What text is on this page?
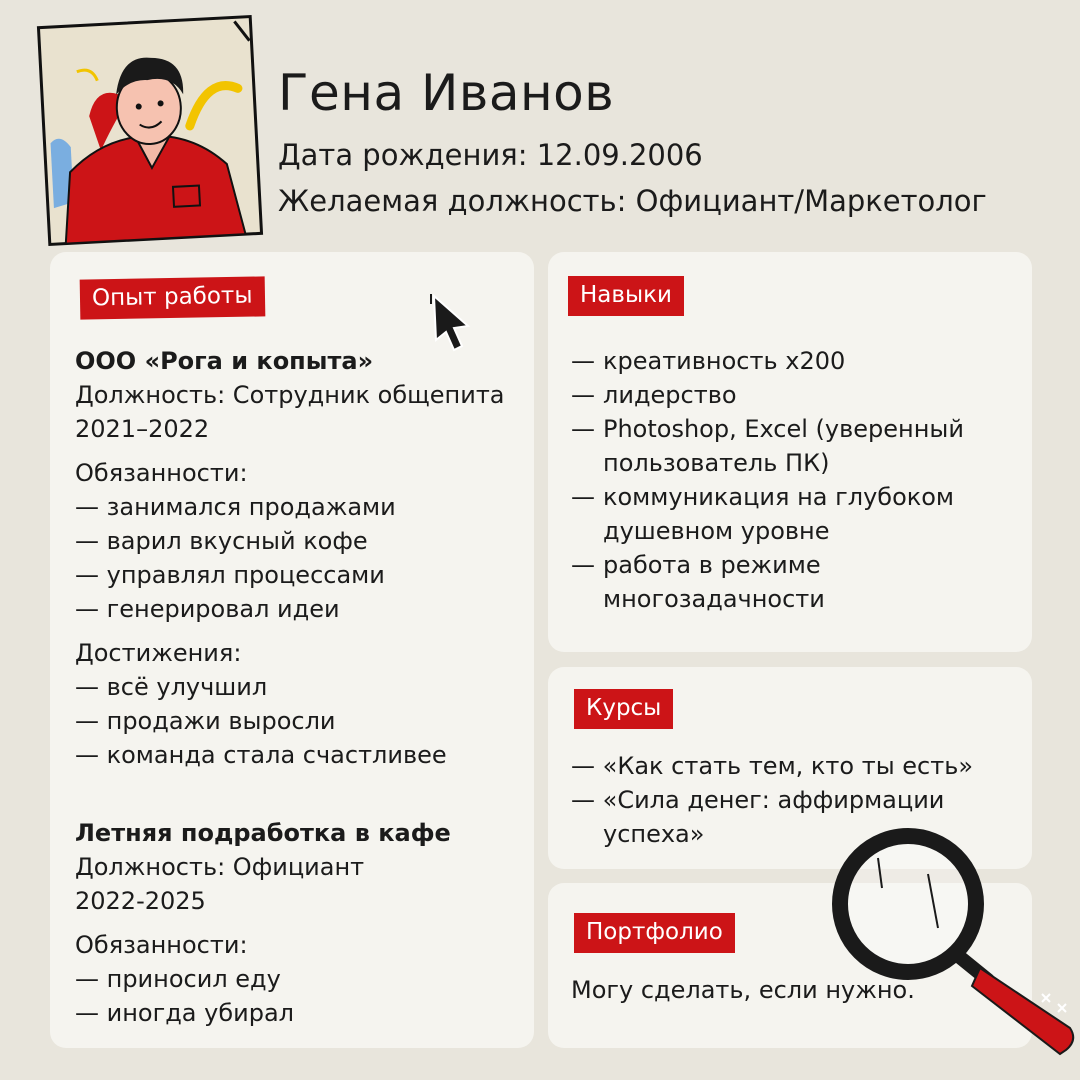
Гена Иванов
Дата рождения: 12.09.2006
Желаемая должность: Официант/Маркетолог
Опыт работы
ООО «Рога и копыта»
Должность: Сотрудник общепита
2021–2022
Обязанности:
— занимался продажами
— варил вкусный кофе
— управлял процессами
— генерировал идеи
Достижения:
— всё улучшил
— продажи выросли
— команда стала счастливее
Летняя подработка в кафе
Должность: Официант
2022-2025
Обязанности:
— приносил еду
— иногда убирал
Навыки
— креативность х200
— лидерство
— Photoshop, Excel (уверенный
пользователь ПК)
— коммуникация на глубоком
душевном уровне
— работа в режиме
многозадачности
Курсы
— «Как стать тем, кто ты есть»
— «Сила денег: аффирмации
успеха»
Портфолио
Могу сделать, если нужно.
